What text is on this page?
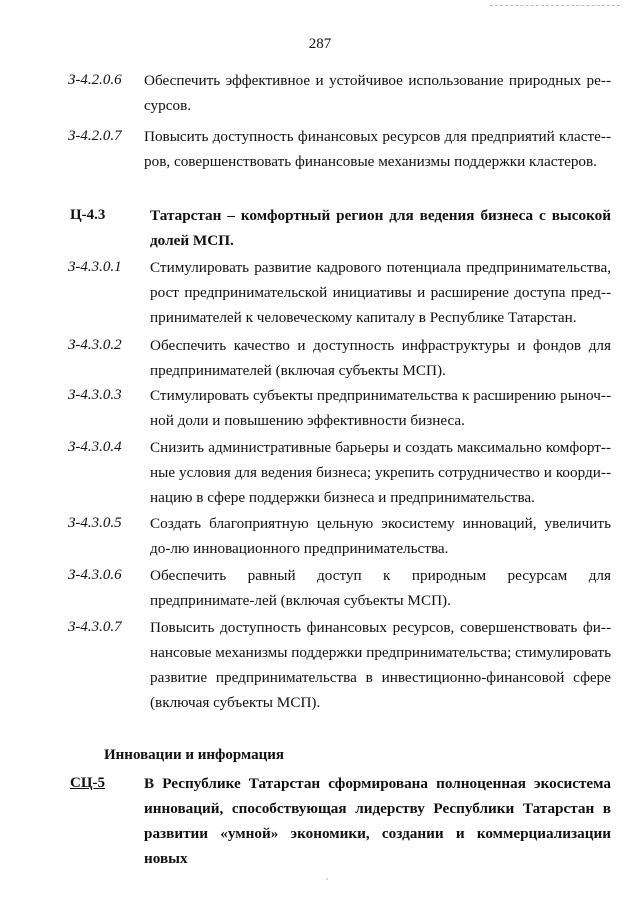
287
З-4.2.0.6 Обеспечить эффективное и устойчивое использование природных ре-сурсов.
З-4.2.0.7 Повысить доступность финансовых ресурсов для предприятий класте-ров, совершенствовать финансовые механизмы поддержки кластеров.
Ц-4.3	Татарстан – комфортный регион для ведения бизнеса с высокой долей МСП.
З-4.3.0.1 Стимулировать развитие кадрового потенциала предпринимательства, рост предпринимательской инициативы и расширение доступа пред-принимателей к человеческому капиталу в Республике Татарстан.
З-4.3.0.2 Обеспечить качество и доступность инфраструктуры и фондов для предпринимателей (включая субъекты МСП).
З-4.3.0.3 Стимулировать субъекты предпринимательства к расширению рыноч-ной доли и повышению эффективности бизнеса.
З-4.3.0.4 Снизить административные барьеры и создать максимально комфорт-ные условия для ведения бизнеса; укрепить сотрудничество и коорди-нацию в сфере поддержки бизнеса и предпринимательства.
З-4.3.0.5 Создать благоприятную цельную экосистему инноваций, увеличить до-лю инновационного предпринимательства.
З-4.3.0.6 Обеспечить равный доступ к природным ресурсам для предпринимате-лей (включая субъекты МСП).
З-4.3.0.7 Повысить доступность финансовых ресурсов, совершенствовать фи-нансовые механизмы поддержки предпринимательства; стимулировать развитие предпринимательства в инвестиционно-финансовой сфере (включая субъекты МСП).
Инновации и информация
СЦ-5	В Республике Татарстан сформирована полноценная экосистема инноваций, способствующая лидерству Республики Татарстан в развитии «умной» экономики, создании и коммерциализации новых
